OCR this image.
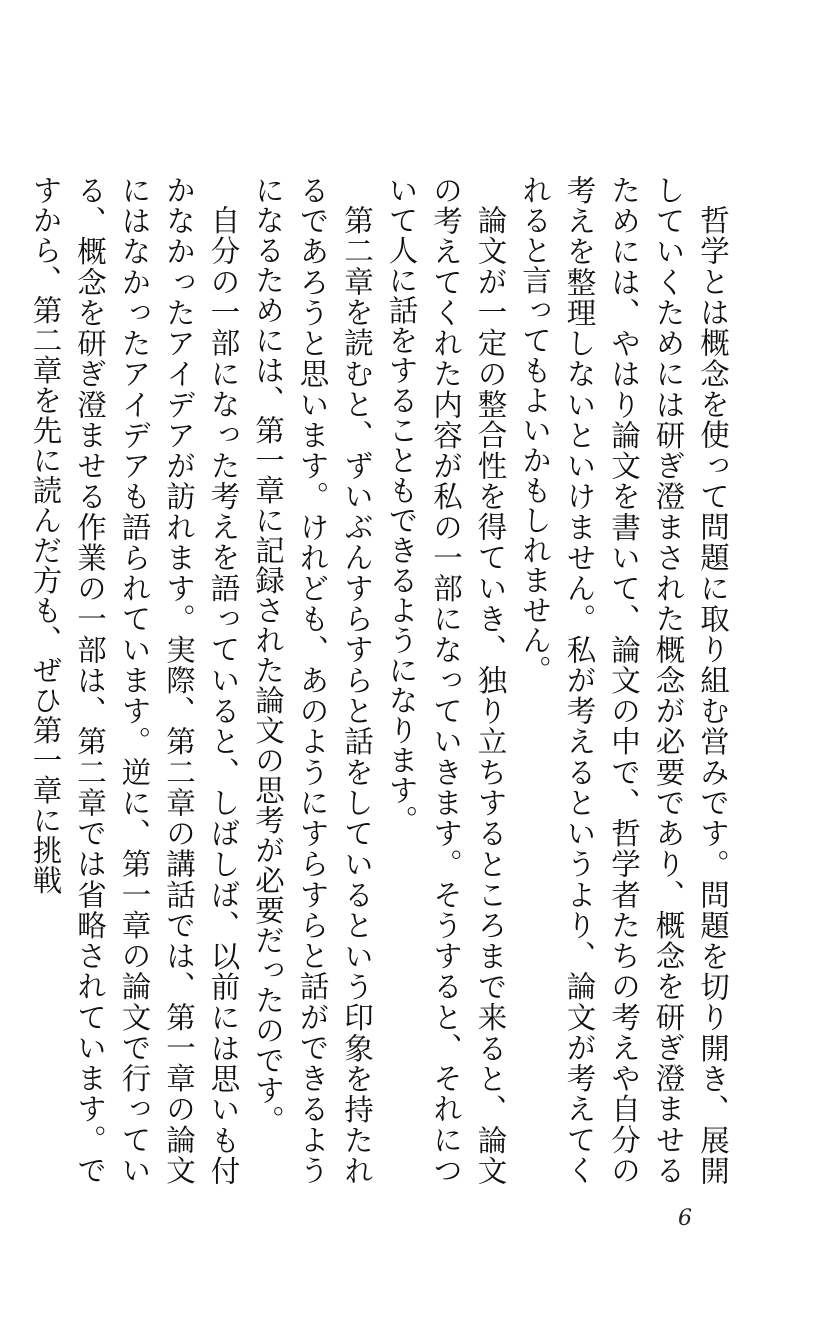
哲学とは概念を使って問題に取り組む営みです。問題を切り開き、展開していくためには研ぎ澄まされた概念が必要であり、概念を研ぎ澄ませるためには、やはり論文を書いて、論文の中で、哲学者たちの考えや自分の考えを整理しないといけません。私が考えるというより、論文が考えてくれると言ってもよいかもしれません。

論文が一定の整合性を得ていき、独り立ちするところまで来ると、論文の考えてくれた内容が私の一部になっていきます。そうすると、それについて人に話をすることもできるようになります。

第二章を読むと、ずいぶんすらすらと話をしているという印象を持たれるであろうと思います。けれども、あのようにすらすらと話ができるようになるためには、第一章に記録された論文の思考が必要だったのです。

自分の一部になった考えを語っていると、しばしば、以前には思いも付かなかったアイデアが訪れます。実際、第二章の講話では、第一章の論文にはなかったアイデアも語られています。逆に、第一章の論文で行っている、概念を研ぎ澄ませる作業の一部は、第二章では省略されています。ですから、第二章を先に読んだ方も、ぜひ第一章に挑戦

6
